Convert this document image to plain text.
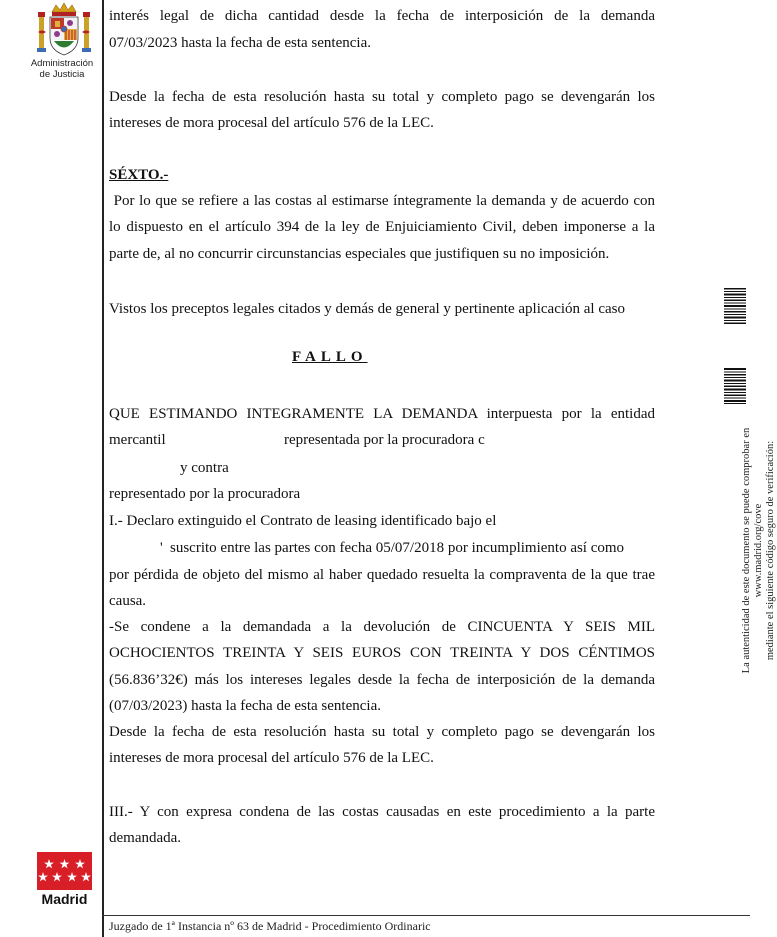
Administración
de Justicia
interés legal de dicha cantidad desde la fecha de interposición de la demanda
07/03/2023 hasta la fecha de esta sentencia.
Desde la fecha de esta resolución hasta su total y completo pago se devengarán los
intereses de mora procesal del artículo 576 de la LEC.
SÉXTO.-
Por lo que se refiere a las costas al estimarse íntegramente la demanda y de acuerdo con
lo dispuesto en el artículo 394 de la ley de Enjuiciamiento Civil, deben imponerse a la
parte de, al no concurrir circunstancias especiales que justifiquen su no imposición.
Vistos los preceptos legales citados y demás de general y pertinente aplicación al caso
FALLO
QUE ESTIMANDO INTEGRAMENTE LA DEMANDA interpuesta por la entidad
mercantil	representada por la procuradora c
y contra
representado por la procuradora
I.- Declaro extinguido el Contrato de leasing identificado bajo el
' suscrito entre las partes con fecha 05/07/2018 por incumplimiento así como
por pérdida de objeto del mismo al haber quedado resuelta la compraventa de la que trae
causa.
-Se condene a la demandada a la devolución de CINCUENTA Y SEIS MIL
OCHOCIENTOS TREINTA Y SEIS EUROS CON TREINTA Y DOS CÉNTIMOS
(56.836’32€) más los intereses legales desde la fecha de interposición de la demanda
(07/03/2023) hasta la fecha de esta sentencia.
Desde la fecha de esta resolución hasta su total y completo pago se devengarán los
intereses de mora procesal del artículo 576 de la LEC.
III.- Y con expresa condena de las costas causadas en este procedimiento a la parte
demandada.
Madrid
Juzgado de 1ª Instancia nº 63 de Madrid - Procedimiento Ordinaric
La autenticidad de este documento se puede comprobar en www.madrid.org/cove mediante el siguiente código seguro de verificación:
